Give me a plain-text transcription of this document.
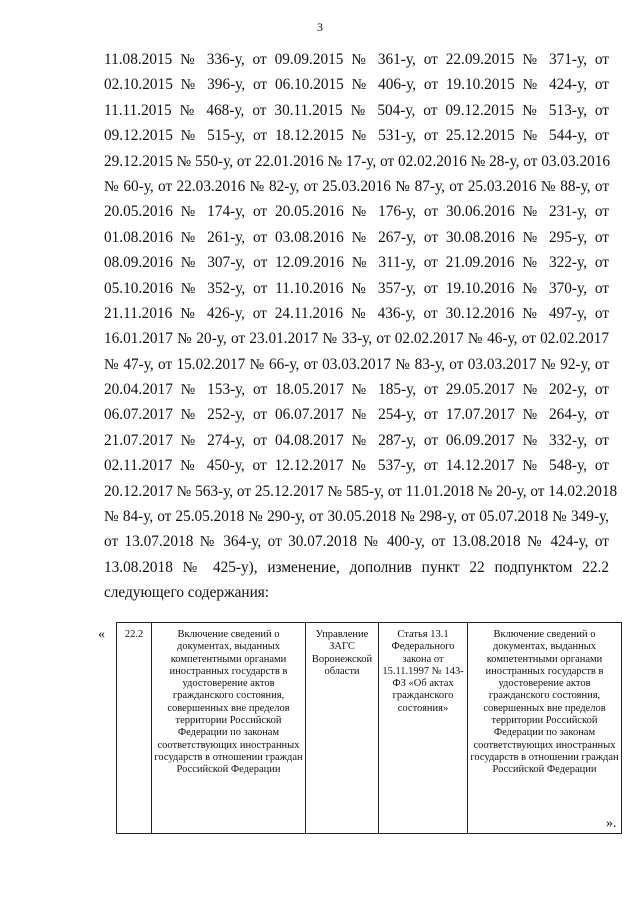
3
11.08.2015 № 336-у, от 09.09.2015 № 361-у, от 22.09.2015 № 371-у, от
02.10.2015 № 396-у, от 06.10.2015 № 406-у, от 19.10.2015 № 424-у, от
11.11.2015 № 468-у, от 30.11.2015 № 504-у, от 09.12.2015 № 513-у, от
09.12.2015 № 515-у, от 18.12.2015 № 531-у, от 25.12.2015 № 544-у, от
29.12.2015 № 550-у, от 22.01.2016 № 17-у, от 02.02.2016 № 28-у, от 03.03.2016
№ 60-у, от 22.03.2016 № 82-у, от 25.03.2016 № 87-у, от 25.03.2016 № 88-у, от
20.05.2016 № 174-у, от 20.05.2016 № 176-у, от 30.06.2016 № 231-у, от
01.08.2016 № 261-у, от 03.08.2016 № 267-у, от 30.08.2016 № 295-у, от
08.09.2016 № 307-у, от 12.09.2016 № 311-у, от 21.09.2016 № 322-у, от
05.10.2016 № 352-у, от 11.10.2016 № 357-у, от 19.10.2016 № 370-у, от
21.11.2016 № 426-у, от 24.11.2016 № 436-у, от 30.12.2016 № 497-у, от
16.01.2017 № 20-у, от 23.01.2017 № 33-у, от 02.02.2017 № 46-у, от 02.02.2017
№ 47-у, от 15.02.2017 № 66-у, от 03.03.2017 № 83-у, от 03.03.2017 № 92-у, от
20.04.2017 № 153-у, от 18.05.2017 № 185-у, от 29.05.2017 № 202-у, от
06.07.2017 № 252-у, от 06.07.2017 № 254-у, от 17.07.2017 № 264-у, от
21.07.2017 № 274-у, от 04.08.2017 № 287-у, от 06.09.2017 № 332-у, от
02.11.2017 № 450-у, от 12.12.2017 № 537-у, от 14.12.2017 № 548-у, от
20.12.2017 № 563-у, от 25.12.2017 № 585-у, от 11.01.2018 № 20-у, от 14.02.2018
№ 84-у, от 25.05.2018 № 290-у, от 30.05.2018 № 298-у, от 05.07.2018 № 349-у,
от 13.07.2018 № 364-у, от 30.07.2018 № 400-у, от 13.08.2018 № 424-у, от
13.08.2018 № 425-у), изменение, дополнив пункт 22 подпунктом 22.2
следующего содержания:
« 22.2	Включение сведений о документах, выданных компетентными органами иностранных государств в удостоверение актов гражданского состояния, совершенных вне пределов территории Российской Федерации по законам соответствующих иностранных государств в отношении граждан Российской Федерации	Управление ЗАГС Воронежской области	Статья 13.1 Федерального закона от 15.11.1997 № 143-ФЗ «Об актах гражданского состояния»	Включение сведений о документах, выданных компетентными органами иностранных государств в удостоверение актов гражданского состояния, совершенных вне пределов территории Российской Федерации по законам соответствующих иностранных государств в отношении граждан Российской Федерации
».
